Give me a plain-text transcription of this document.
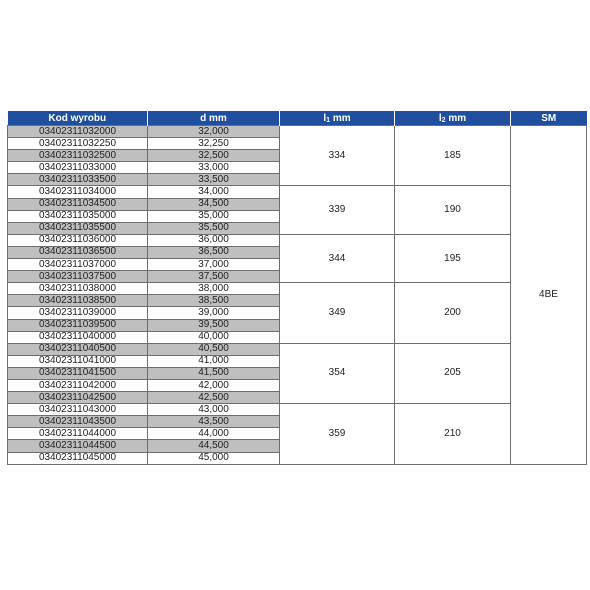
Kod wyrobu	d mm	$l_1$ mm	$l_2$ mm	SM
03402311032000	32,000	334	185	4BE
03402311032250	32,250			
03402311032500	32,500			
03402311033000	33,000			
03402311033500	33,500			
03402311034000	34,000	339	190	
03402311034500	34,500			
03402311035000	35,000			
03402311035500	35,500			
03402311036000	36,000	344	195	
03402311036500	36,500			
03402311037000	37,000			
03402311037500	37,500			
03402311038000	38,000	349	200	
03402311038500	38,500			
03402311039000	39,000			
03402311039500	39,500			
03402311040000	40,000			
03402311040500	40,500	354	205	
03402311041000	41,000			
03402311041500	41,500			
03402311042000	42,000			
03402311042500	42,500			
03402311043000	43,000	359	210	
03402311043500	43,500			
03402311044000	44,000			
03402311044500	44,500			
03402311045000	45,000			
